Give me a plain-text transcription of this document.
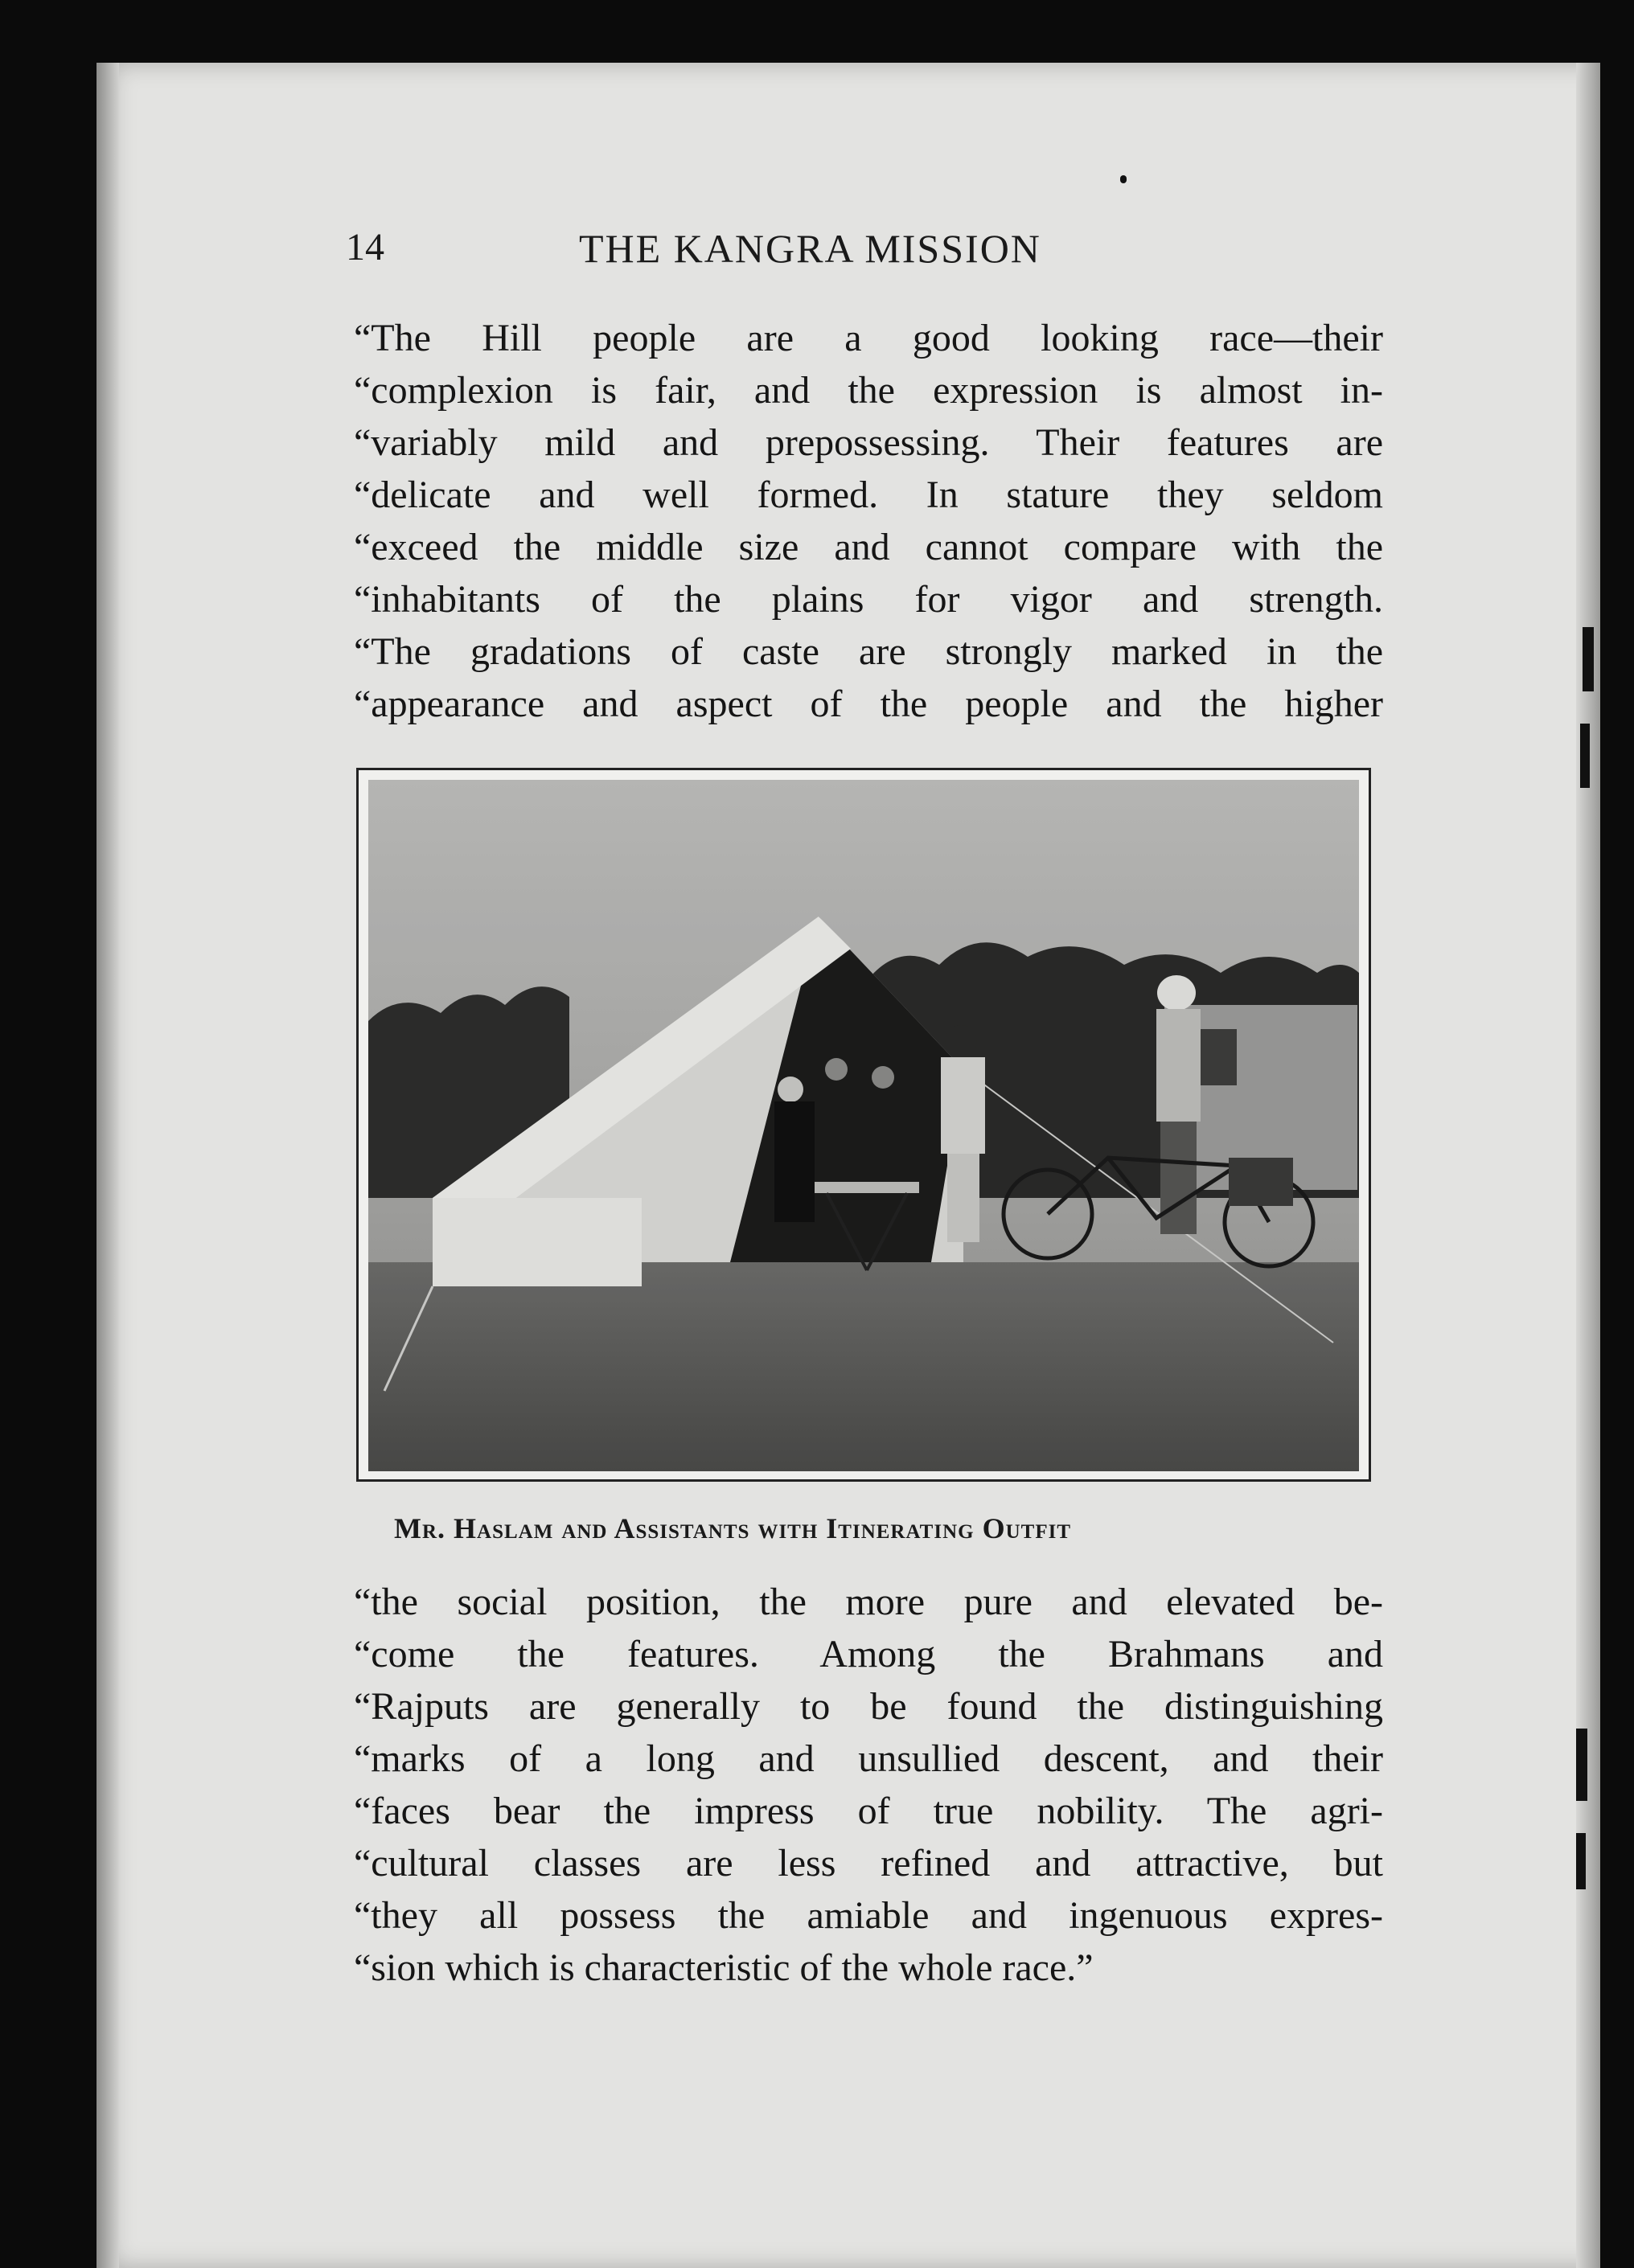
14	THE KANGRA MISSION
“The Hill people are a good looking race—their
“complexion is fair, and the expression is almost in-
“variably mild and prepossessing. Their features are
“delicate and well formed. In stature they seldom
“exceed the middle size and cannot compare with the
“inhabitants of the plains for vigor and strength.
“The gradations of caste are strongly marked in the
“appearance and aspect of the people and the higher
Mr. Haslam and Assistants with Itinerating Outfit
“the social position, the more pure and elevated be-
“come the features. Among the Brahmans and
“Rajputs are generally to be found the distinguishing
“marks of a long and unsullied descent, and their
“faces bear the impress of true nobility. The agri-
“cultural classes are less refined and attractive, but
“they all possess the amiable and ingenuous expres-
“sion which is characteristic of the whole race.”
